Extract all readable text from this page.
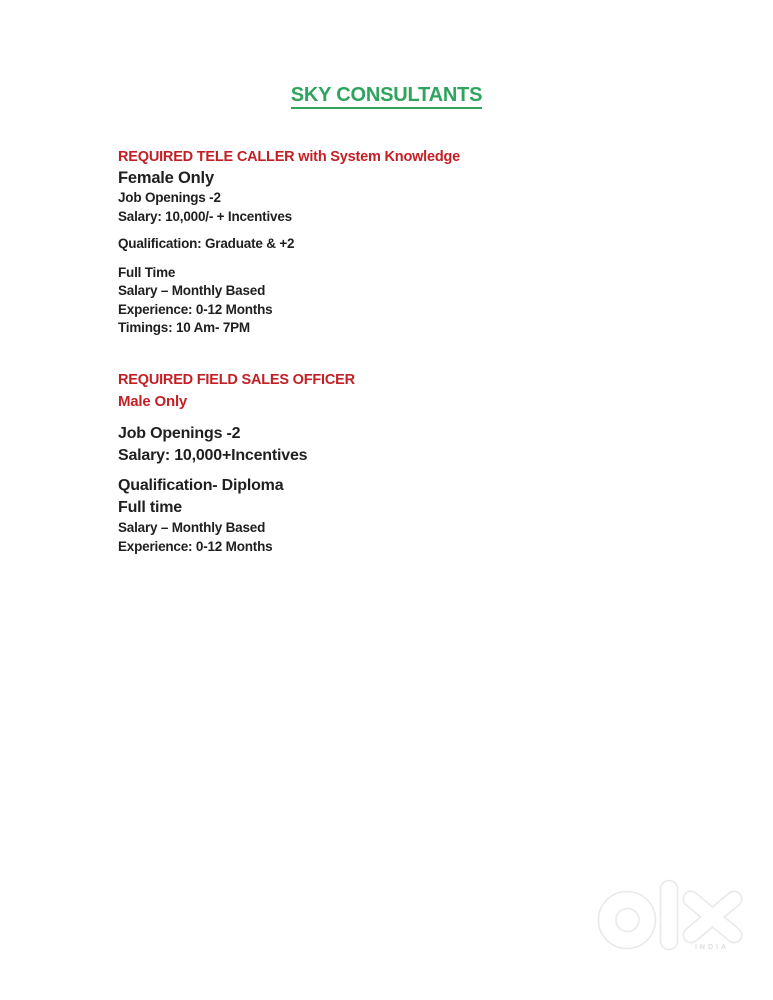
SKY CONSULTANTS

REQUIRED TELE CALLER with System Knowledge

Female Only

Job Openings -2

Salary: 10,000/- + Incentives

Qualification: Graduate & +2

Full Time

Salary – Monthly Based

Experience: 0-12 Months

Timings: 10 Am- 7PM

REQUIRED FIELD SALES OFFICER

Male Only

Job Openings -2

Salary: 10,000+Incentives

Qualification- Diploma

Full time

Salary – Monthly Based

Experience: 0-12 Months

INDIA
